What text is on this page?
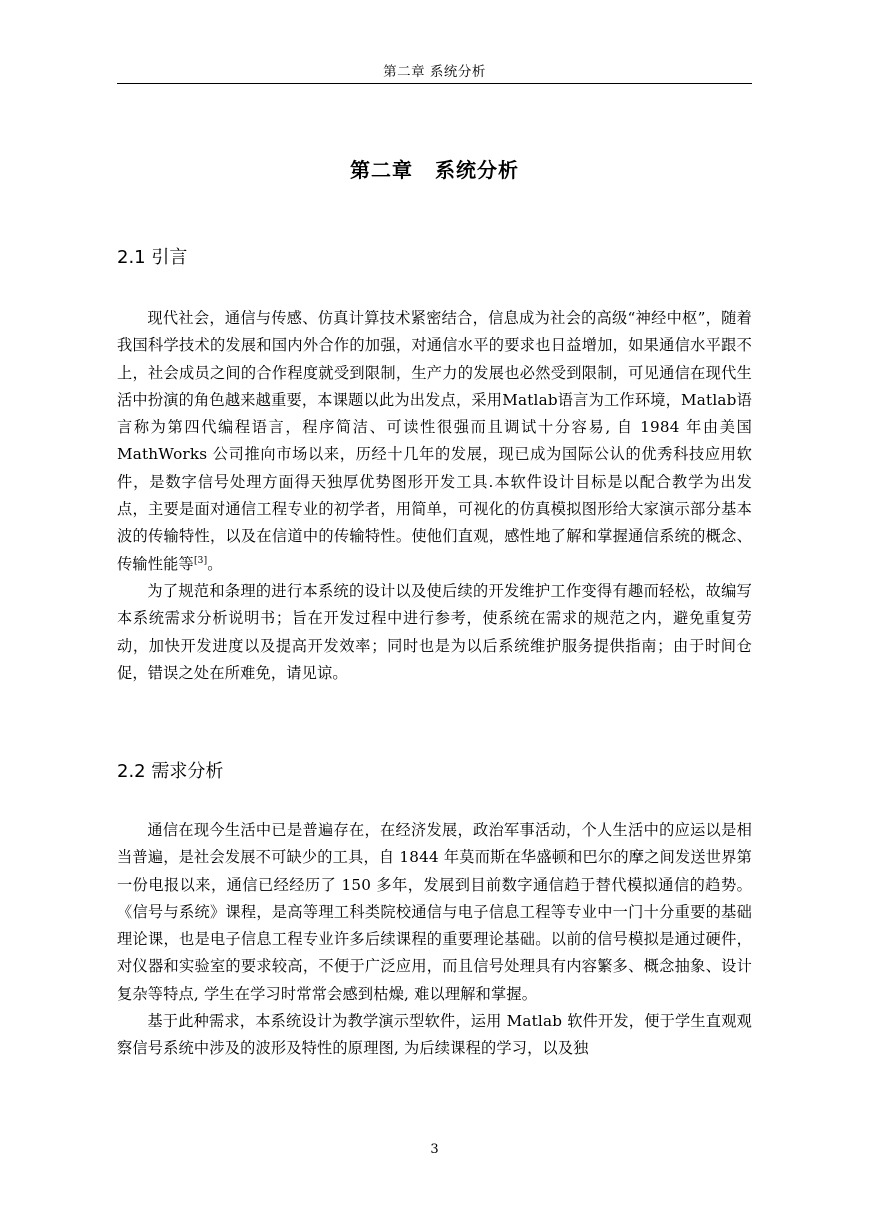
第二章 系统分析
第二章 系统分析
2.1 引言

现代社会，通信与传感、仿真计算技术紧密结合，信息成为社会的高级“神经中枢”，随着我国科学技术的发展和国内外合作的加强，对通信水平的要求也日益增加，如果通信水平跟不上，社会成员之间的合作程度就受到限制，生产力的发展也必然受到限制，可见通信在现代生活中扮演的角色越来越重要，本课题以此为出发点，采用Matlab语言为工作环境，Matlab语言称为第四代编程语言，程序简洁、可读性很强而且调试十分容易, 自 1984 年由美国 MathWorks 公司推向市场以来，历经十几年的发展，现已成为国际公认的优秀科技应用软件，是数字信号处理方面得天独厚优势图形开发工具.本软件设计目标是以配合教学为出发点，主要是面对通信工程专业的初学者，用简单，可视化的仿真模拟图形给大家演示部分基本波的传输特性，以及在信道中的传输特性。使他们直观，感性地了解和掌握通信系统的概念、传输性能等[3]。

为了规范和条理的进行本系统的设计以及使后续的开发维护工作变得有趣而轻松，故编写本系统需求分析说明书；旨在开发过程中进行参考，使系统在需求的规范之内，避免重复劳动，加快开发进度以及提高开发效率；同时也是为以后系统维护服务提供指南；由于时间仓促，错误之处在所难免，请见谅。

2.2 需求分析

通信在现今生活中已是普遍存在，在经济发展，政治军事活动，个人生活中的应运以是相当普遍，是社会发展不可缺少的工具，自 1844 年莫而斯在华盛顿和巴尔的摩之间发送世界第一份电报以来，通信已经经历了 150 多年，发展到目前数字通信趋于替代模拟通信的趋势。《信号与系统》课程，是高等理工科类院校通信与电子信息工程等专业中一门十分重要的基础理论课，也是电子信息工程专业许多后续课程的重要理论基础。以前的信号模拟是通过硬件，对仪器和实验室的要求较高，不便于广泛应用，而且信号处理具有内容繁多、概念抽象、设计复杂等特点, 学生在学习时常常会感到枯燥, 难以理解和掌握。

基于此种需求，本系统设计为教学演示型软件，运用 Matlab 软件开发，便于学生直观观察信号系统中涉及的波形及特性的原理图, 为后续课程的学习，以及独

3
